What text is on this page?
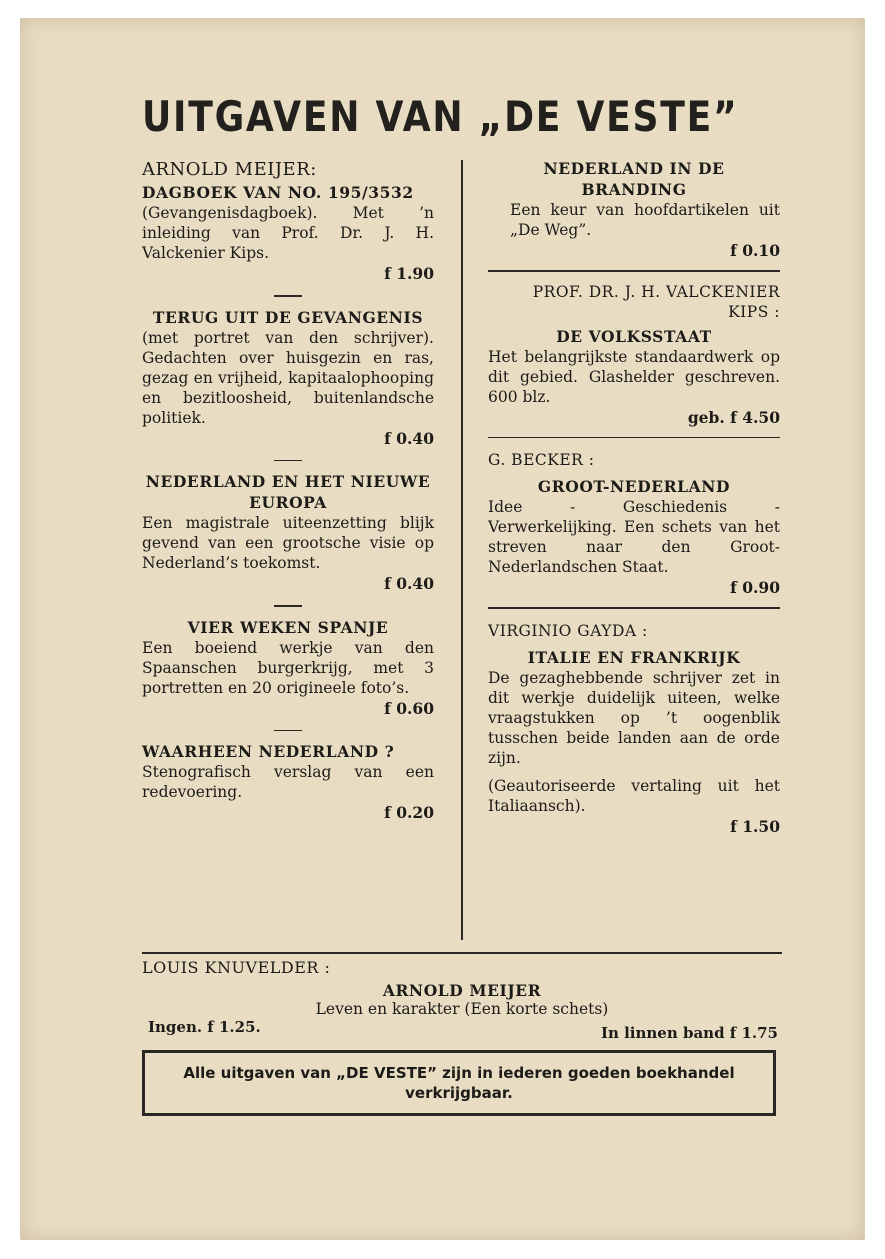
UITGAVEN VAN „DE VESTE”
ARNOLD MEIJER:
DAGBOEK VAN NO. 195/3532
(Gevangenisdagboek). Met ’n inleiding van Prof. Dr. J. H. Valckenier Kips.
f 1.90
TERUG UIT DE GEVANGENIS
(met portret van den schrijver). Gedachten over huisgezin en ras, gezag en vrijheid, kapitaalophooping en bezitloosheid, buitenlandsche politiek.
f 0.40
NEDERLAND EN HET NIEUWE EUROPA
Een magistrale uiteenzetting blijk gevend van een grootsche visie op Nederland’s toekomst.
f 0.40
VIER WEKEN SPANJE
Een boeiend werkje van den Spaanschen burgerkrijg, met 3 portretten en 20 origineele foto’s.
f 0.60
WAARHEEN NEDERLAND ?
Stenografisch verslag van een redevoering.
f 0.20
NEDERLAND IN DE BRANDING
Een keur van hoofdartikelen uit „De Weg”.
f 0.10
PROF. DR. J. H. VALCKENIER KIPS :
DE VOLKSSTAAT
Het belangrijkste standaardwerk op dit gebied. Glashelder geschreven. 600 blz.
geb. f 4.50
G. BECKER :
GROOT-NEDERLAND
Idee - Geschiedenis - Verwerkelijking. Een schets van het streven naar den Groot-Nederlandschen Staat.
f 0.90
VIRGINIO GAYDA :
ITALIE EN FRANKRIJK
De gezaghebbende schrijver zet in dit werkje duidelijk uiteen, welke vraagstukken op ’t oogenblik tusschen beide landen aan de orde zijn.
(Geautoriseerde vertaling uit het Italiaansch).
f 1.50
LOUIS KNUVELDER :
ARNOLD MEIJER
Leven en karakter (Een korte schets)
Ingen. f 1.25.	In linnen band f 1.75
Alle uitgaven van „DE VESTE” zijn in iederen goeden boekhandel verkrijgbaar.
